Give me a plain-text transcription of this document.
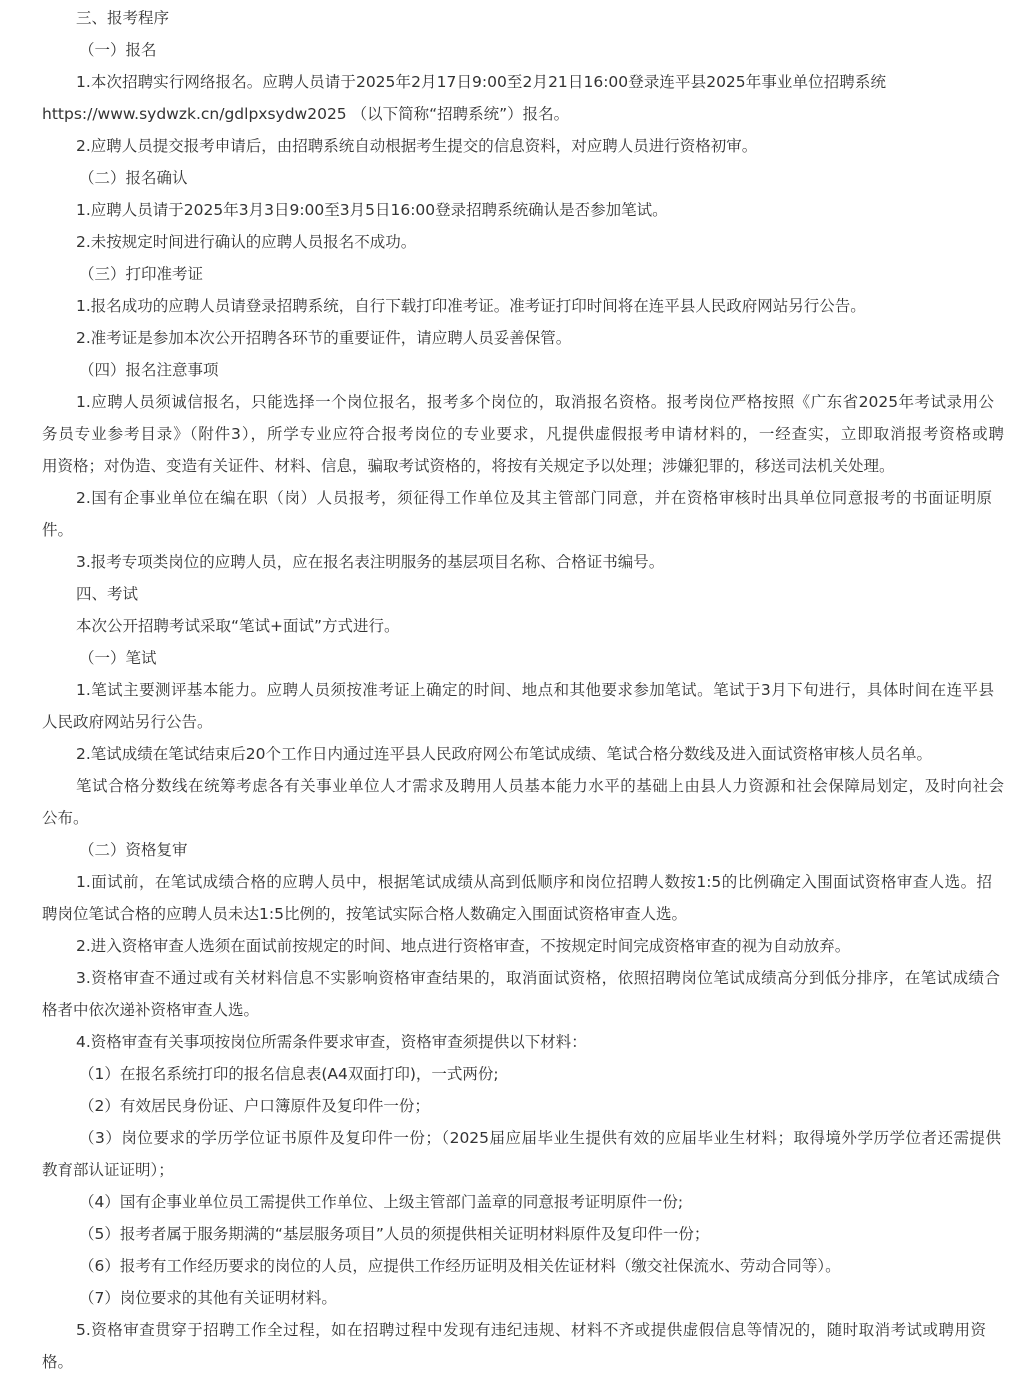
三、报考程序
（一）报名
1.本次招聘实行网络报名。应聘人员请于2025年2月17日9:00至2月21日16:00登录连平县2025年事业单位招聘系统
https://www.sydwzk.cn/gdlpxsydw2025 （以下简称“招聘系统”）报名。
2.应聘人员提交报考申请后，由招聘系统自动根据考生提交的信息资料，对应聘人员进行资格初审。
（二）报名确认
1.应聘人员请于2025年3月3日9:00至3月5日16:00登录招聘系统确认是否参加笔试。
2.未按规定时间进行确认的应聘人员报名不成功。
（三）打印准考证
1.报名成功的应聘人员请登录招聘系统，自行下载打印准考证。准考证打印时间将在连平县人民政府网站另行公告。
2.准考证是参加本次公开招聘各环节的重要证件，请应聘人员妥善保管。
（四）报名注意事项
1.应聘人员须诚信报名，只能选择一个岗位报名，报考多个岗位的，取消报名资格。报考岗位严格按照《广东省2025年考试录用公
务员专业参考目录》（附件3），所学专业应符合报考岗位的专业要求，凡提供虚假报考申请材料的，一经查实，立即取消报考资格或聘
用资格；对伪造、变造有关证件、材料、信息，骗取考试资格的，将按有关规定予以处理；涉嫌犯罪的，移送司法机关处理。
2.国有企事业单位在编在职（岗）人员报考，须征得工作单位及其主管部门同意，并在资格审核时出具单位同意报考的书面证明原
件。
3.报考专项类岗位的应聘人员，应在报名表注明服务的基层项目名称、合格证书编号。
四、考试
本次公开招聘考试采取“笔试+面试”方式进行。
（一）笔试
1.笔试主要测评基本能力。应聘人员须按准考证上确定的时间、地点和其他要求参加笔试。笔试于3月下旬进行，具体时间在连平县
人民政府网站另行公告。
2.笔试成绩在笔试结束后20个工作日内通过连平县人民政府网公布笔试成绩、笔试合格分数线及进入面试资格审核人员名单。
笔试合格分数线在统筹考虑各有关事业单位人才需求及聘用人员基本能力水平的基础上由县人力资源和社会保障局划定，及时向社会
公布。
（二）资格复审
1.面试前，在笔试成绩合格的应聘人员中，根据笔试成绩从高到低顺序和岗位招聘人数按1:5的比例确定入围面试资格审查人选。招
聘岗位笔试合格的应聘人员未达1:5比例的，按笔试实际合格人数确定入围面试资格审查人选。
2.进入资格审查人选须在面试前按规定的时间、地点进行资格审查，不按规定时间完成资格审查的视为自动放弃。
3.资格审查不通过或有关材料信息不实影响资格审查结果的，取消面试资格，依照招聘岗位笔试成绩高分到低分排序，在笔试成绩合
格者中依次递补资格审查人选。
4.资格审查有关事项按岗位所需条件要求审查，资格审查须提供以下材料：
（1）在报名系统打印的报名信息表(A4双面打印)，一式两份;
（2）有效居民身份证、户口簿原件及复印件一份；
（3）岗位要求的学历学位证书原件及复印件一份；（2025届应届毕业生提供有效的应届毕业生材料；取得境外学历学位者还需提供
教育部认证证明）；
（4）国有企事业单位员工需提供工作单位、上级主管部门盖章的同意报考证明原件一份;
（5）报考者属于服务期满的“基层服务项目”人员的须提供相关证明材料原件及复印件一份；
（6）报考有工作经历要求的岗位的人员，应提供工作经历证明及相关佐证材料（缴交社保流水、劳动合同等）。
（7）岗位要求的其他有关证明材料。
5.资格审查贯穿于招聘工作全过程，如在招聘过程中发现有违纪违规、材料不齐或提供虚假信息等情况的，随时取消考试或聘用资
格。
